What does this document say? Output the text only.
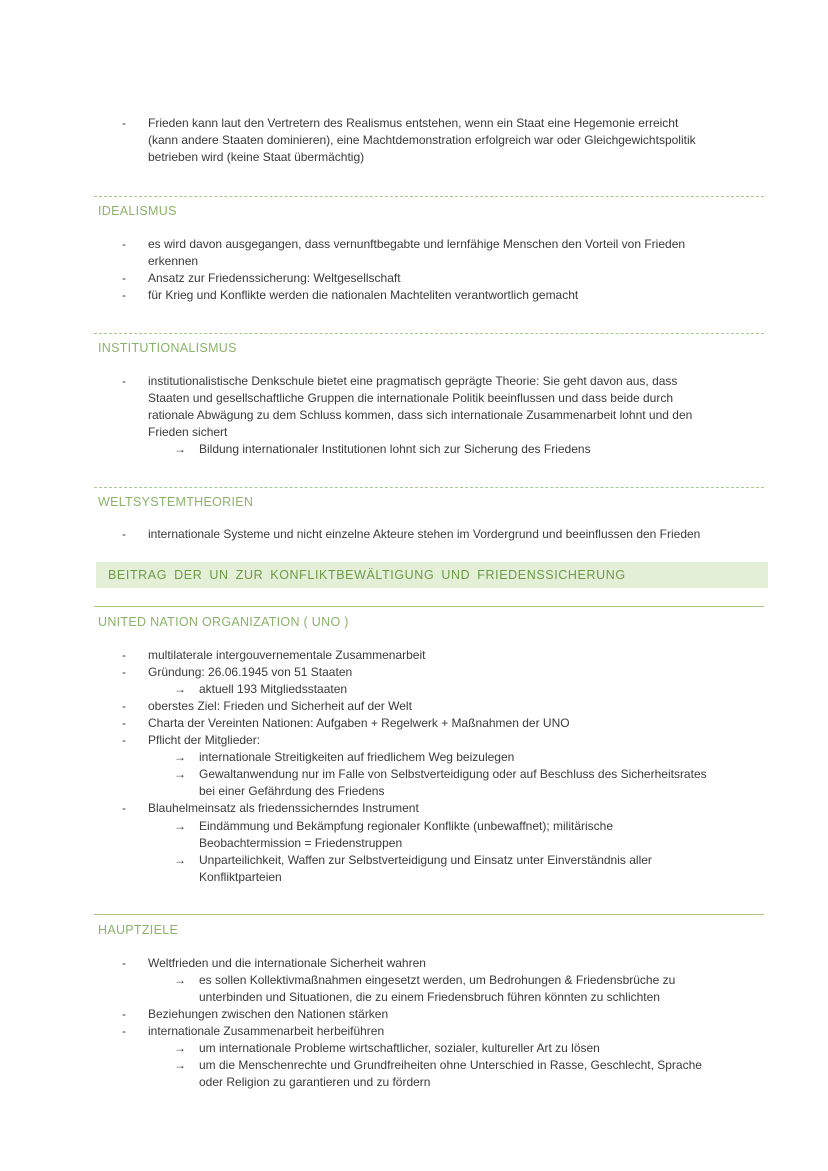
-	Frieden kann laut den Vertretern des Realismus entstehen, wenn ein Staat eine Hegemonie erreicht
(kann andere Staaten dominieren), eine Machtdemonstration erfolgreich war oder Gleichgewichtspolitik
betrieben wird (keine Staat übermächtig)
IDEALISMUS
-	es wird davon ausgegangen, dass vernunftbegabte und lernfähige Menschen den Vorteil von Frieden
erkennen
-	Ansatz zur Friedenssicherung: Weltgesellschaft
-	für Krieg und Konflikte werden die nationalen Machteliten verantwortlich gemacht
INSTITUTIONALISMUS
-	institutionalistische Denkschule bietet eine pragmatisch geprägte Theorie: Sie geht davon aus, dass
Staaten und gesellschaftliche Gruppen die internationale Politik beeinflussen und dass beide durch
rationale Abwägung zu dem Schluss kommen, dass sich internationale Zusammenarbeit lohnt und den
Frieden sichert
→ Bildung internationaler Institutionen lohnt sich zur Sicherung des Friedens
WELTSYSTEMTHEORIEN
-	internationale Systeme und nicht einzelne Akteure stehen im Vordergrund und beeinflussen den Frieden
BEITRAG DER UN ZUR KONFLIKTBEWÄLTIGUNG UND FRIEDENSSICHERUNG
UNITED NATION ORGANIZATION ( UNO )
-	multilaterale intergouvernementale Zusammenarbeit
-	Gründung: 26.06.1945 von 51 Staaten
→ aktuell 193 Mitgliedsstaaten
-	oberstes Ziel: Frieden und Sicherheit auf der Welt
-	Charta der Vereinten Nationen: Aufgaben + Regelwerk + Maßnahmen der UNO
-	Pflicht der Mitglieder:
→ internationale Streitigkeiten auf friedlichem Weg beizulegen
→ Gewaltanwendung nur im Falle von Selbstverteidigung oder auf Beschluss des Sicherheitsrates
bei einer Gefährdung des Friedens
-	Blauhelmeinsatz als friedenssicherndes Instrument
→ Eindämmung und Bekämpfung regionaler Konflikte (unbewaffnet); militärische
Beobachtermission = Friedenstruppen
→ Unparteilichkeit, Waffen zur Selbstverteidigung und Einsatz unter Einverständnis aller
Konfliktparteien
HAUPTZIELE
-	Weltfrieden und die internationale Sicherheit wahren
→ es sollen Kollektivmaßnahmen eingesetzt werden, um Bedrohungen & Friedensbrüche zu
unterbinden und Situationen, die zu einem Friedensbruch führen könnten zu schlichten
-	Beziehungen zwischen den Nationen stärken
-	internationale Zusammenarbeit herbeiführen
→ um internationale Probleme wirtschaftlicher, sozialer, kultureller Art zu lösen
→ um die Menschenrechte und Grundfreiheiten ohne Unterschied in Rasse, Geschlecht, Sprache
oder Religion zu garantieren und zu fördern
